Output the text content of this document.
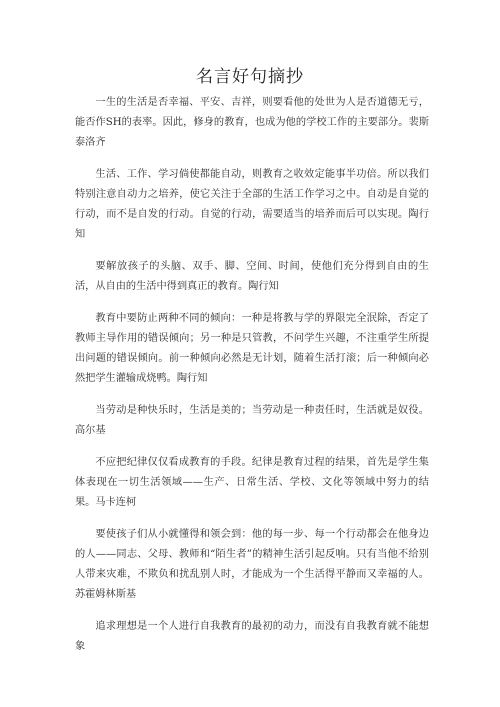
名言好句摘抄

一生的生活是否幸福、平安、吉祥，则要看他的处世为人是否道德无亏，能否作SH的表率。因此，修身的教育，也成为他的学校工作的主要部分。裴斯泰洛齐

生活、工作、学习倘使都能自动，则教育之收效定能事半功倍。所以我们特别注意自动力之培养，使它关注于全部的生活工作学习之中。自动是自觉的行动，而不是自发的行动。自觉的行动，需要适当的培养而后可以实现。陶行知

要解放孩子的头脑、双手、脚、空间、时间，使他们充分得到自由的生活，从自由的生活中得到真正的教育。陶行知

教育中要防止两种不同的倾向：一种是将教与学的界限完全泯除，否定了教师主导作用的错误倾向；另一种是只管教，不问学生兴趣，不注重学生所提出问题的错误倾向。前一种倾向必然是无计划，随着生活打滚；后一种倾向必然把学生灌输成烧鸭。陶行知

当劳动是种快乐时，生活是美的；当劳动是一种责任时，生活就是奴役。高尔基

不应把纪律仅仅看成教育的手段。纪律是教育过程的结果，首先是学生集体表现在一切生活领域——生产、日常生活、学校、文化等领域中努力的结果。马卡连柯

要使孩子们从小就懂得和领会到：他的每一步、每一个行动都会在他身边的人——同志、父母、教师和“陌生者”的精神生活引起反响。只有当他不给别人带来灾难，不欺负和扰乱别人时，才能成为一个生活得平静而又幸福的人。苏霍姆林斯基

追求理想是一个人进行自我教育的最初的动力，而没有自我教育就不能想象
